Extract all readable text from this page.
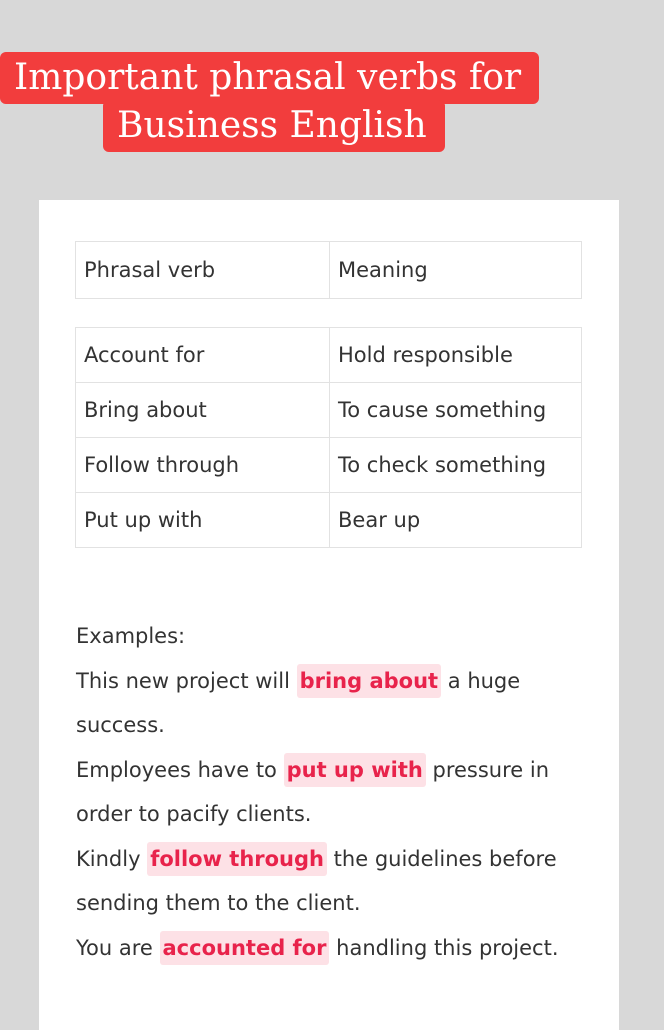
Important phrasal verbs for
Business English
Phrasal verb	Meaning
Account for	Hold responsible
Bring about	To cause something
Follow through	To check something
Put up with	Bear up
Examples:
This new project will bring about a huge
success.
Employees have to put up with pressure in
order to pacify clients.
Kindly follow through the guidelines before
sending them to the client.
You are accounted for handling this project.
